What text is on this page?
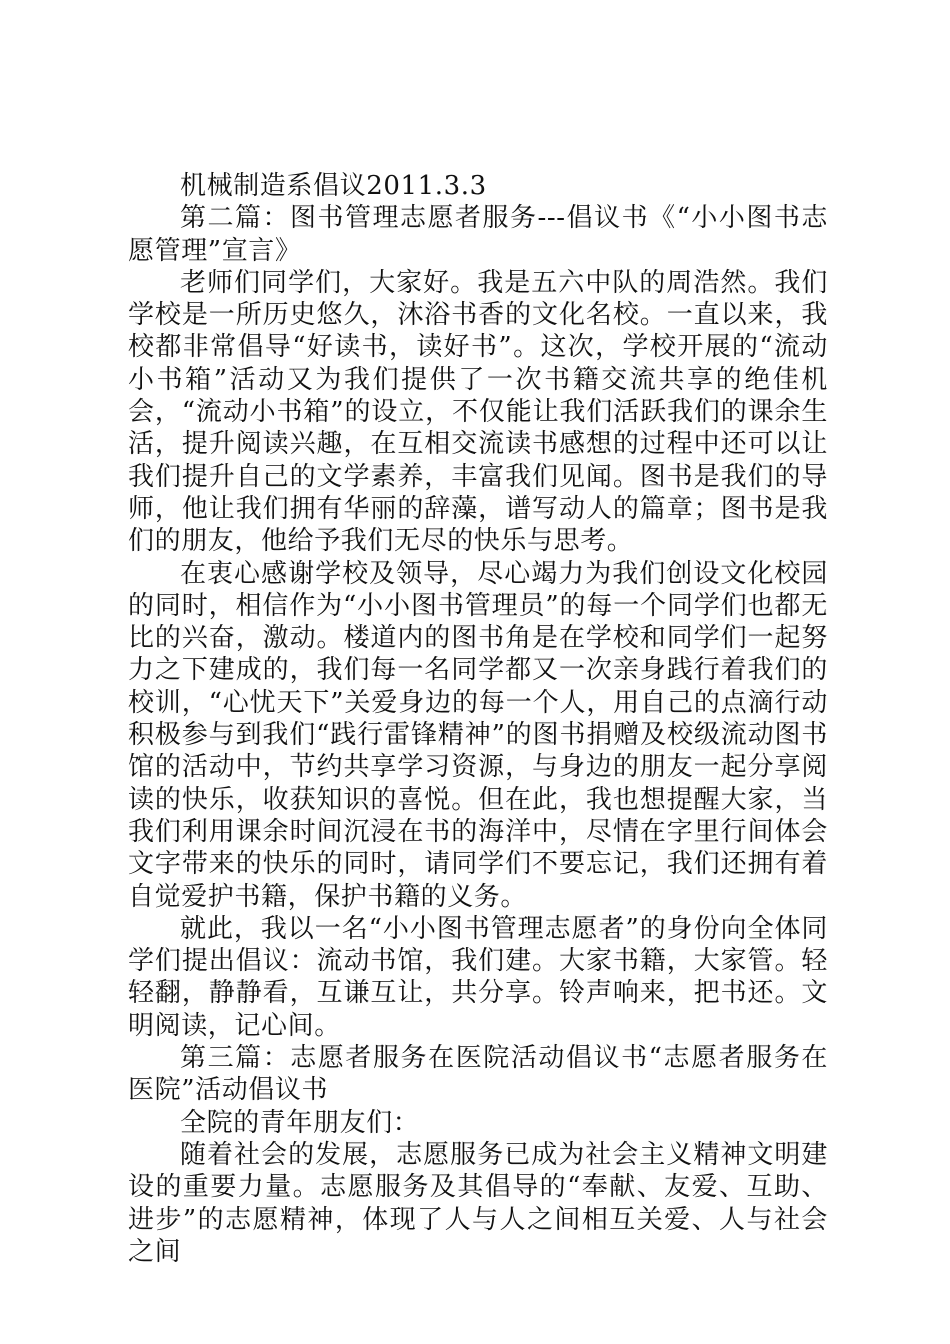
机械制造系倡议2011.3.3

第二篇：图书管理志愿者服务---倡议书《“小小图书志愿管理”宣言》

老师们同学们，大家好。我是五六中队的周浩然。我们学校是一所历史悠久，沐浴书香的文化名校。一直以来，我校都非常倡导“好读书，读好书”。这次，学校开展的“流动小书箱”活动又为我们提供了一次书籍交流共享的绝佳机会，“流动小书箱”的设立，不仅能让我们活跃我们的课余生活，提升阅读兴趣，在互相交流读书感想的过程中还可以让我们提升自己的文学素养，丰富我们见闻。图书是我们的导师，他让我们拥有华丽的辞藻，谱写动人的篇章；图书是我们的朋友，他给予我们无尽的快乐与思考。

在衷心感谢学校及领导，尽心竭力为我们创设文化校园的同时，相信作为“小小图书管理员”的每一个同学们也都无比的兴奋，激动。楼道内的图书角是在学校和同学们一起努力之下建成的，我们每一名同学都又一次亲身践行着我们的校训，“心忧天下”关爱身边的每一个人，用自己的点滴行动积极参与到我们“践行雷锋精神”的图书捐赠及校级流动图书馆的活动中，节约共享学习资源，与身边的朋友一起分享阅读的快乐，收获知识的喜悦。但在此，我也想提醒大家，当我们利用课余时间沉浸在书的海洋中，尽情在字里行间体会文字带来的快乐的同时，请同学们不要忘记，我们还拥有着自觉爱护书籍，保护书籍的义务。

就此，我以一名“小小图书管理志愿者”的身份向全体同学们提出倡议：流动书馆，我们建。大家书籍，大家管。轻轻翻，静静看，互谦互让，共分享。铃声响来，把书还。文明阅读，记心间。

第三篇：志愿者服务在医院活动倡议书“志愿者服务在医院”活动倡议书

全院的青年朋友们：

随着社会的发展，志愿服务已成为社会主义精神文明建设的重要力量。志愿服务及其倡导的“奉献、友爱、互助、进步”的志愿精神，体现了人与人之间相互关爱、人与社会之间
